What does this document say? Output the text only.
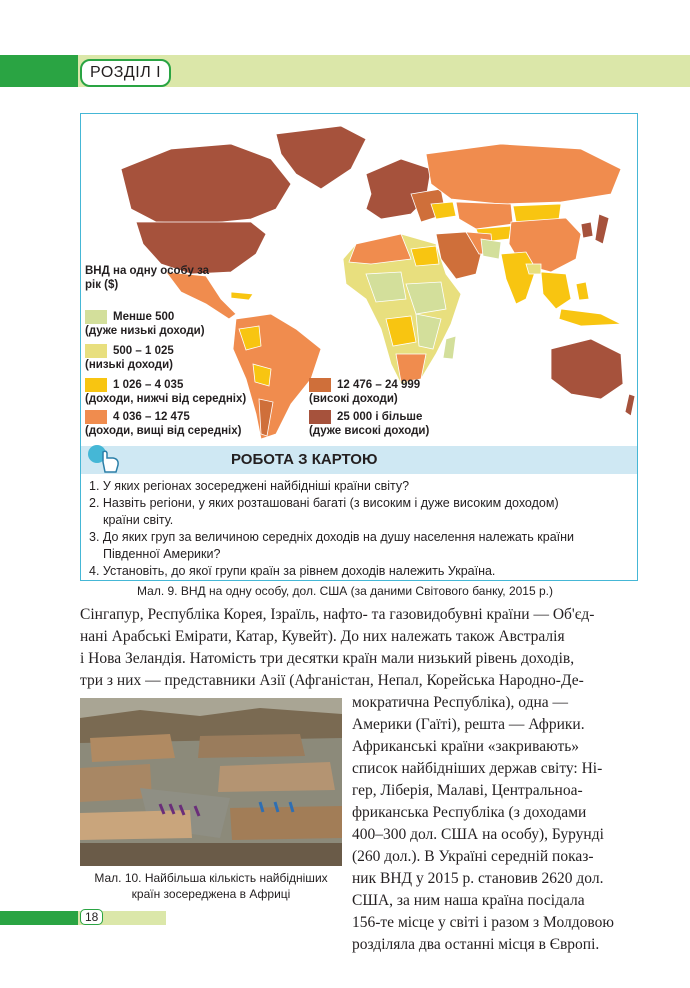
РОЗДІЛ I
ВНД на одну особу за рік ($)
Менше 500
(дуже низькі доходи)
500 – 1 025
(низькі доходи)
1 026 – 4 035
(доходи, нижчі від середніх)
4 036 – 12 475
(доходи, вищі від середніх)
12 476 – 24 999
(високі доходи)
25 000 і більше
(дуже високі доходи)
РОБОТА З КАРТОЮ
1. У яких регіонах зосереджені найбідніші країни світу?
2. Назвіть регіони, у яких розташовані багаті (з високим і дуже високим доходом)
країни світу.
3. До яких груп за величиною середніх доходів на душу населення належать країни
Південної Америки?
4. Установіть, до якої групи країн за рівнем доходів належить Україна.
Мал. 9. ВНД на одну особу, дол. США (за даними Світового банку, 2015 р.)
Сінгапур, Республіка Корея, Ізраїль, нафто- та газовидобувні країни — Об'єд-
нані Арабські Емірати, Катар, Кувейт). До них належать також Австралія
і Нова Зеландія. Натомість три десятки країн мали низький рівень доходів,
три з них — представники Азії (Афганістан, Непал, Корейська Народно-Де-
Мал. 10. Найбільша кількість найбідніших країн зосереджена в Африці
мократична Республіка), одна —
Америки (Гаїті), решта — Африки.
Африканські країни «закривають»
список найбідніших держав світу: Ні-
гер, Ліберія, Малаві, Центральноа-
фриканська Республіка (з доходами
400–300 дол. США на особу), Бурунді
(260 дол.). В Україні середній показ-
ник ВНД у 2015 р. становив 2620 дол.
США, за ним наша країна посідала
156-те місце у світі і разом з Молдовою
розділяла два останні місця в Європі.
18
